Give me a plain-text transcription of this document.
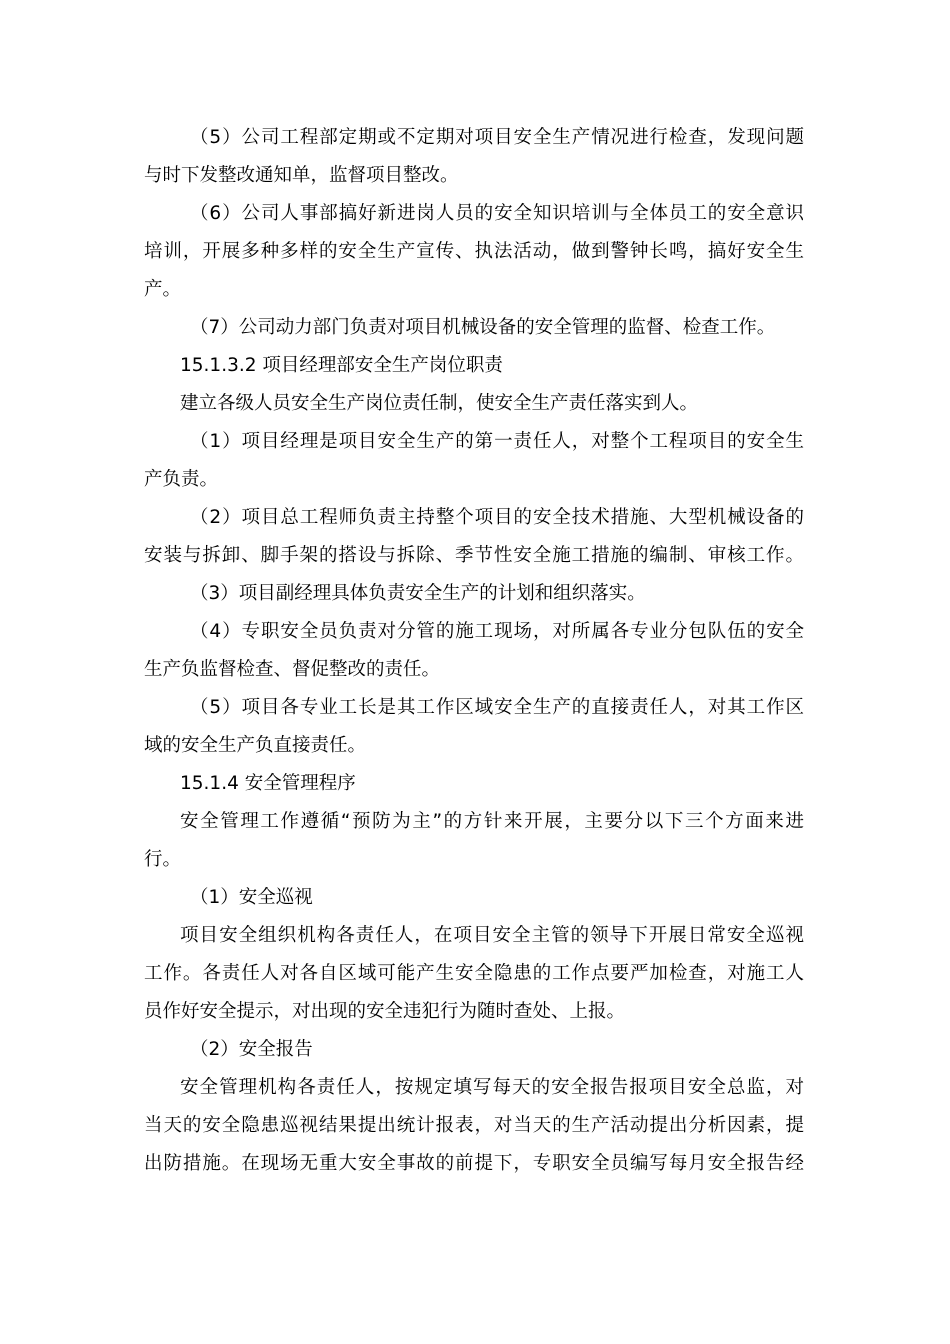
（5）公司工程部定期或不定期对项目安全生产情况进行检查，发现问题
与时下发整改通知单，监督项目整改。
（6）公司人事部搞好新进岗人员的安全知识培训与全体员工的安全意识
培训，开展多种多样的安全生产宣传、执法活动，做到警钟长鸣，搞好安全生
产。
（7）公司动力部门负责对项目机械设备的安全管理的监督、检查工作。
15.1.3.2 项目经理部安全生产岗位职责
建立各级人员安全生产岗位责任制，使安全生产责任落实到人。
（1）项目经理是项目安全生产的第一责任人，对整个工程项目的安全生
产负责。
（2）项目总工程师负责主持整个项目的安全技术措施、大型机械设备的
安装与拆卸、脚手架的搭设与拆除、季节性安全施工措施的编制、审核工作。
（3）项目副经理具体负责安全生产的计划和组织落实。
（4）专职安全员负责对分管的施工现场，对所属各专业分包队伍的安全
生产负监督检查、督促整改的责任。
（5）项目各专业工长是其工作区域安全生产的直接责任人，对其工作区
域的安全生产负直接责任。
15.1.4 安全管理程序
安全管理工作遵循“预防为主”的方针来开展，主要分以下三个方面来进
行。
（1）安全巡视
项目安全组织机构各责任人，在项目安全主管的领导下开展日常安全巡视
工作。各责任人对各自区域可能产生安全隐患的工作点要严加检查，对施工人
员作好安全提示，对出现的安全违犯行为随时查处、上报。
（2）安全报告
安全管理机构各责任人，按规定填写每天的安全报告报项目安全总监，对
当天的安全隐患巡视结果提出统计报表，对当天的生产活动提出分析因素，提
出防措施。在现场无重大安全事故的前提下，专职安全员编写每月安全报告经
